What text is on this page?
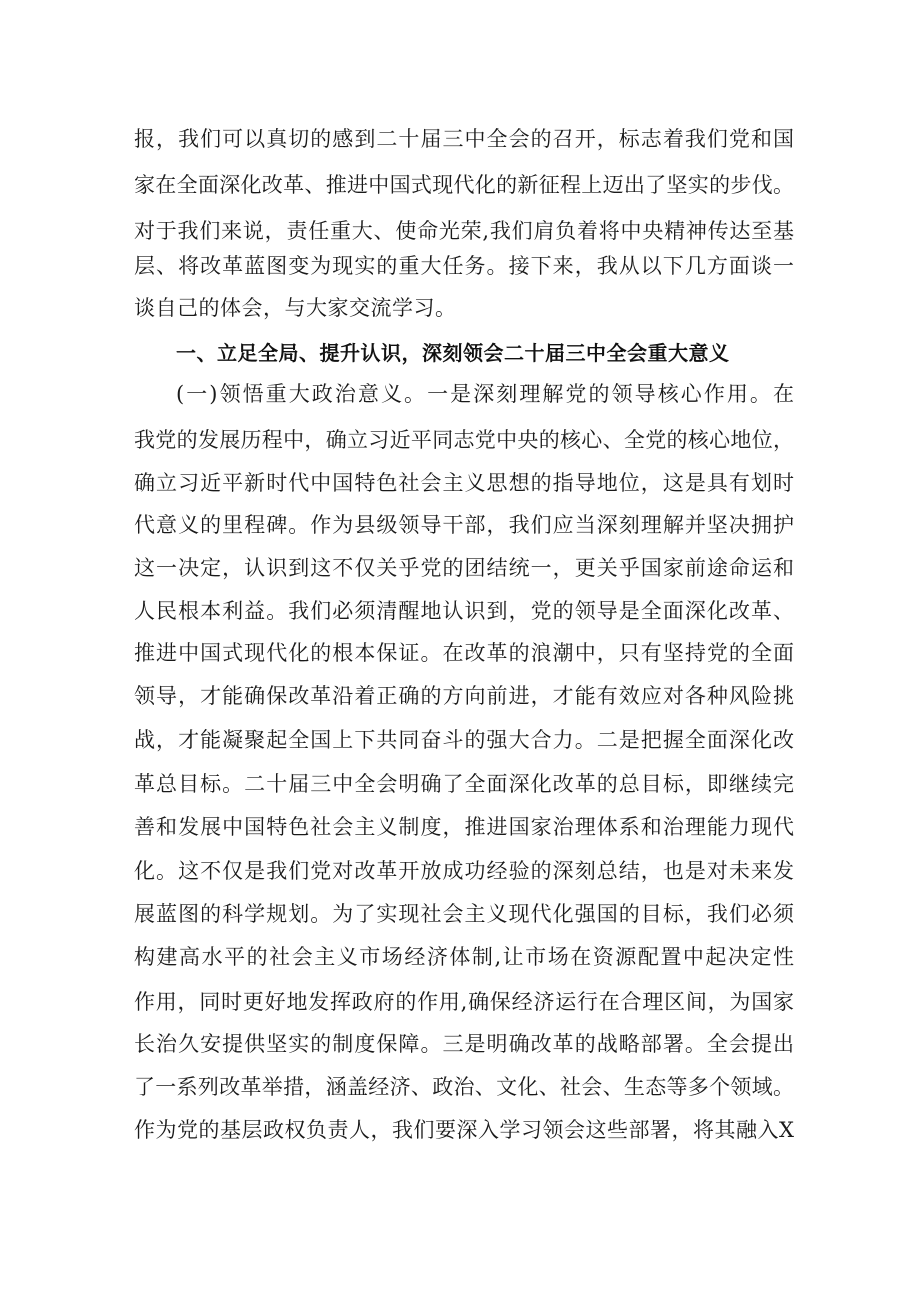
报，我们可以真切的感到二十届三中全会的召开，标志着我们党和国
家在全面深化改革、推进中国式现代化的新征程上迈出了坚实的步伐。
对于我们来说，责任重大、使命光荣,我们肩负着将中央精神传达至基
层、将改革蓝图变为现实的重大任务。接下来，我从以下几方面谈一
谈自己的体会，与大家交流学习。
一、立足全局、提升认识，深刻领会二十届三中全会重大意义
(一)领悟重大政治意义。一是深刻理解党的领导核心作用。在
我党的发展历程中，确立习近平同志党中央的核心、全党的核心地位，
确立习近平新时代中国特色社会主义思想的指导地位，这是具有划时
代意义的里程碑。作为县级领导干部，我们应当深刻理解并坚决拥护
这一决定，认识到这不仅关乎党的团结统一，更关乎国家前途命运和
人民根本利益。我们必须清醒地认识到，党的领导是全面深化改革、
推进中国式现代化的根本保证。在改革的浪潮中，只有坚持党的全面
领导，才能确保改革沿着正确的方向前进，才能有效应对各种风险挑
战，才能凝聚起全国上下共同奋斗的强大合力。二是把握全面深化改
革总目标。二十届三中全会明确了全面深化改革的总目标，即继续完
善和发展中国特色社会主义制度，推进国家治理体系和治理能力现代
化。这不仅是我们党对改革开放成功经验的深刻总结，也是对未来发
展蓝图的科学规划。为了实现社会主义现代化强国的目标，我们必须
构建高水平的社会主义市场经济体制,让市场在资源配置中起决定性
作用，同时更好地发挥政府的作用,确保经济运行在合理区间，为国家
长治久安提供坚实的制度保障。三是明确改革的战略部署。全会提出
了一系列改革举措，涵盖经济、政治、文化、社会、生态等多个领域。
作为党的基层政权负责人，我们要深入学习领会这些部署，将其融入X
